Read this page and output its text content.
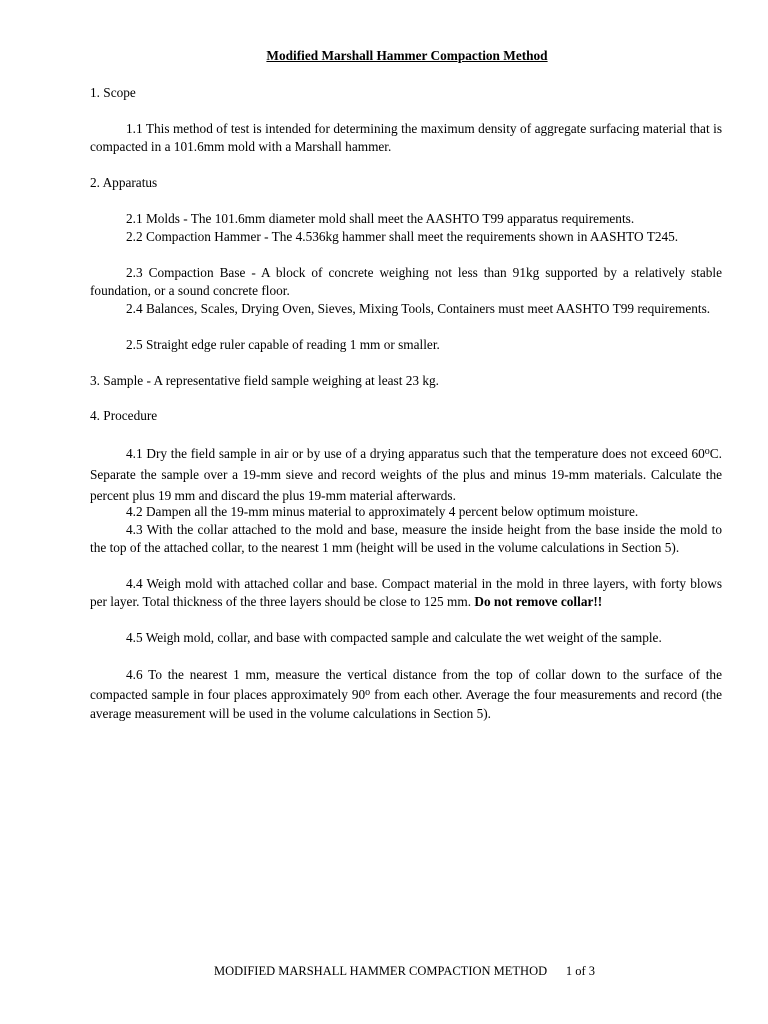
Modified Marshall Hammer Compaction Method
1. Scope
1.1 This method of test is intended for determining the maximum density of aggregate surfacing material that is compacted in a 101.6mm mold with a Marshall hammer.
2. Apparatus
2.1 Molds - The 101.6mm diameter mold shall meet the AASHTO T99 apparatus requirements.
2.2 Compaction Hammer - The 4.536kg hammer shall meet the requirements shown in AASHTO T245.
2.3 Compaction Base - A block of concrete weighing not less than 91kg supported by a relatively stable foundation, or a sound concrete floor.
2.4 Balances, Scales, Drying Oven, Sieves, Mixing Tools, Containers must meet AASHTO T99 requirements.
2.5 Straight edge ruler capable of reading 1 mm or smaller.
3. Sample - A representative field sample weighing at least 23 kg.
4. Procedure
4.1 Dry the field sample in air or by use of a drying apparatus such that the temperature does not exceed 60$^o$C. Separate the sample over a 19-mm sieve and record weights of the plus and minus 19-mm materials. Calculate the percent plus 19 mm and discard the plus 19-mm material afterwards.
4.2 Dampen all the 19-mm minus material to approximately 4 percent below optimum moisture.
4.3 With the collar attached to the mold and base, measure the inside height from the base inside the mold to the top of the attached collar, to the nearest 1 mm (height will be used in the volume calculations in Section 5).
4.4 Weigh mold with attached collar and base. Compact material in the mold in three layers, with forty blows per layer. Total thickness of the three layers should be close to 125 mm. Do not remove collar!!
4.5 Weigh mold, collar, and base with compacted sample and calculate the wet weight of the sample.
4.6 To the nearest 1 mm, measure the vertical distance from the top of collar down to the surface of the compacted sample in four places approximately 90$^o$ from each other. Average the four measurements and record (the average measurement will be used in the volume calculations in Section 5).
MODIFIED MARSHALL HAMMER COMPACTION METHOD 1 of 3
